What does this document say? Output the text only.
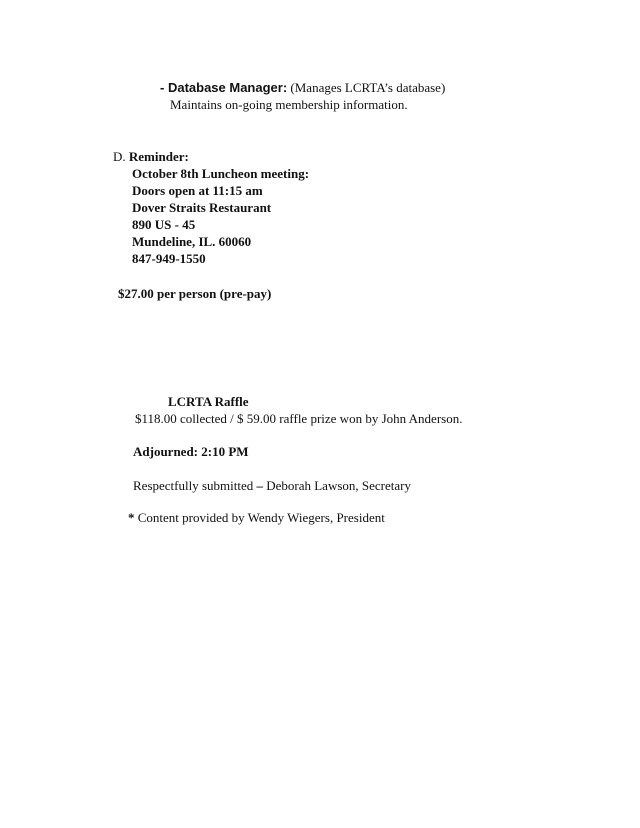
- Database Manager: (Manages LCRTA’s database)
Maintains on-going membership information.
D. Reminder:
October 8th Luncheon meeting:
Doors open at 11:15 am
Dover Straits Restaurant
890 US - 45
Mundeline, IL. 60060
847-949-1550
$27.00 per person (pre-pay)
LCRTA Raffle
$118.00 collected / $ 59.00 raffle prize won by John Anderson.
Adjourned: 2:10 PM
Respectfully submitted – Deborah Lawson, Secretary
* Content provided by Wendy Wiegers, President
